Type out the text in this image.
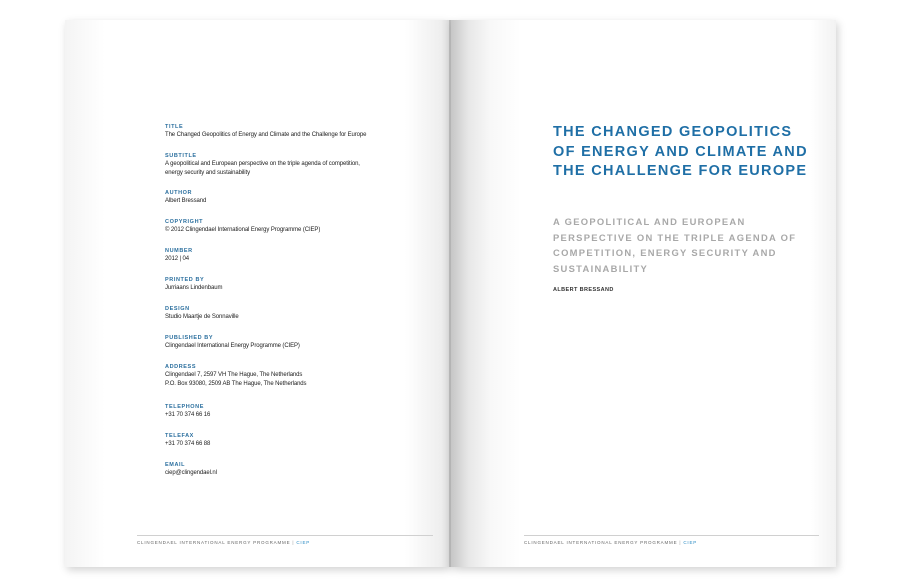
TITLE
The Changed Geopolitics of Energy and Climate and the Challenge for Europe
SUBTITLE
A geopolitical and European perspective on the triple agenda of competition,
energy security and sustainability
AUTHOR
Albert Bressand
COPYRIGHT
© 2012 Clingendael International Energy Programme (CIEP)
NUMBER
2012 | 04
PRINTED BY
Jurriaans Lindenbaum
DESIGN
Studio Maartje de Sonnaville
PUBLISHED BY
Clingendael International Energy Programme (CIEP)
ADDRESS
Clingendael 7, 2597 VH The Hague, The Netherlands
P.O. Box 93080, 2509 AB The Hague, The Netherlands
TELEPHONE
+31 70 374 66 16
TELEFAX
+31 70 374 66 88
EMAIL
ciep@clingendael.nl
CLINGENDAEL INTERNATIONAL ENERGY PROGRAMME | CIEP
THE CHANGED GEOPOLITICS OF ENERGY AND CLIMATE AND THE CHALLENGE FOR EUROPE
A GEOPOLITICAL AND EUROPEAN PERSPECTIVE ON THE TRIPLE AGENDA OF COMPETITION, ENERGY SECURITY AND SUSTAINABILITY
ALBERT BRESSAND
CLINGENDAEL INTERNATIONAL ENERGY PROGRAMME | CIEP
